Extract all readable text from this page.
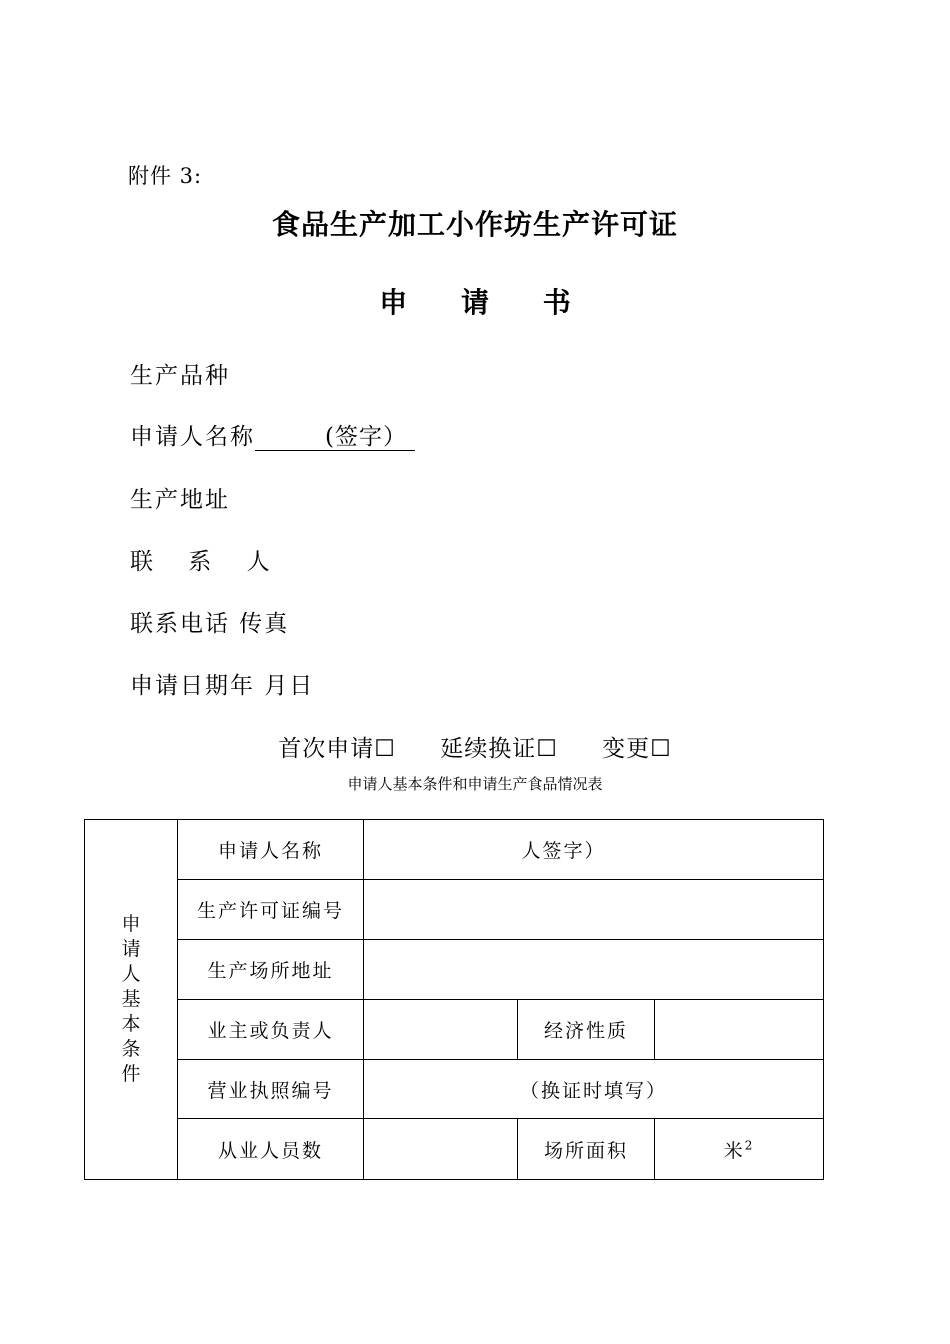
附件 3:
食品生产加工小作坊生产许可证
申 请 书
生产品种
申请人名称	(签字）
生产地址
联 系 人
联系电话 传真
申请日期年 月日
首次申请☐ 延续换证☐ 变更☐
申请人基本条件和申请生产食品情况表
申请人基本条件	申请人名称	人签字）		
	生产许可证编号			
	生产场所地址			
	业主或负责人		经济性质	
	营业执照编号	（换证时填写）		
	从业人员数		场所面积	米$^2$
